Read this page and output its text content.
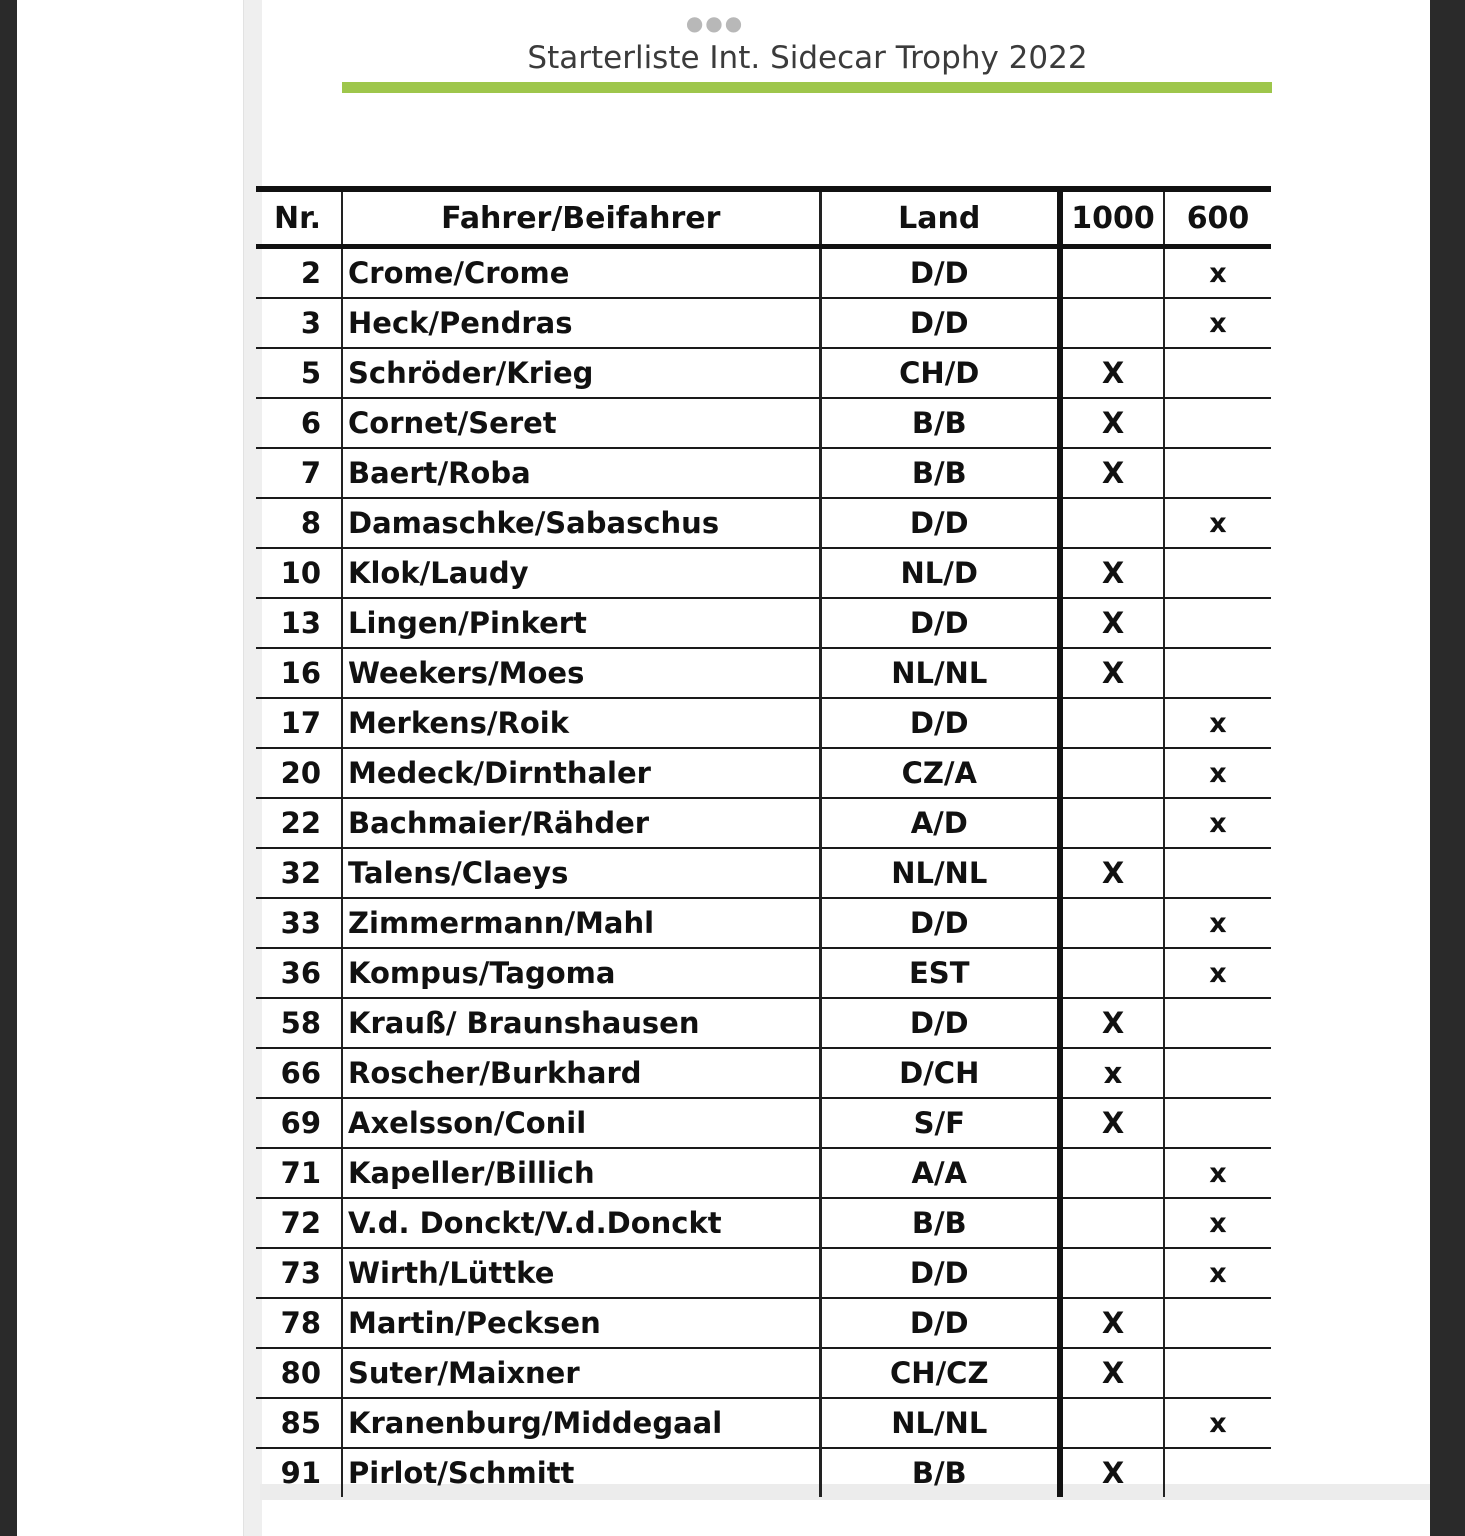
●●●
Starterliste Int. Sidecar Trophy 2022
Nr.	Fahrer/Beifahrer	Land	1000	600
2	Crome/Crome	D/D		x
3	Heck/Pendras	D/D		x
5	Schröder/Krieg	CH/D	X	
6	Cornet/Seret	B/B	X	
7	Baert/Roba	B/B	X	
8	Damaschke/Sabaschus	D/D		x
10	Klok/Laudy	NL/D	X	
13	Lingen/Pinkert	D/D	X	
16	Weekers/Moes	NL/NL	X	
17	Merkens/Roik	D/D		x
20	Medeck/Dirnthaler	CZ/A		x
22	Bachmaier/Rähder	A/D		x
32	Talens/Claeys	NL/NL	X	
33	Zimmermann/Mahl	D/D		x
36	Kompus/Tagoma	EST		x
58	Krauß/ Braunshausen	D/D	X	
66	Roscher/Burkhard	D/CH	x	
69	Axelsson/Conil	S/F	X	
71	Kapeller/Billich	A/A		x
72	V.d. Donckt/V.d.Donckt	B/B		x
73	Wirth/Lüttke	D/D		x
78	Martin/Pecksen	D/D	X	
80	Suter/Maixner	CH/CZ	X	
85	Kranenburg/Middegaal	NL/NL		x
91	Pirlot/Schmitt	B/B	X	
